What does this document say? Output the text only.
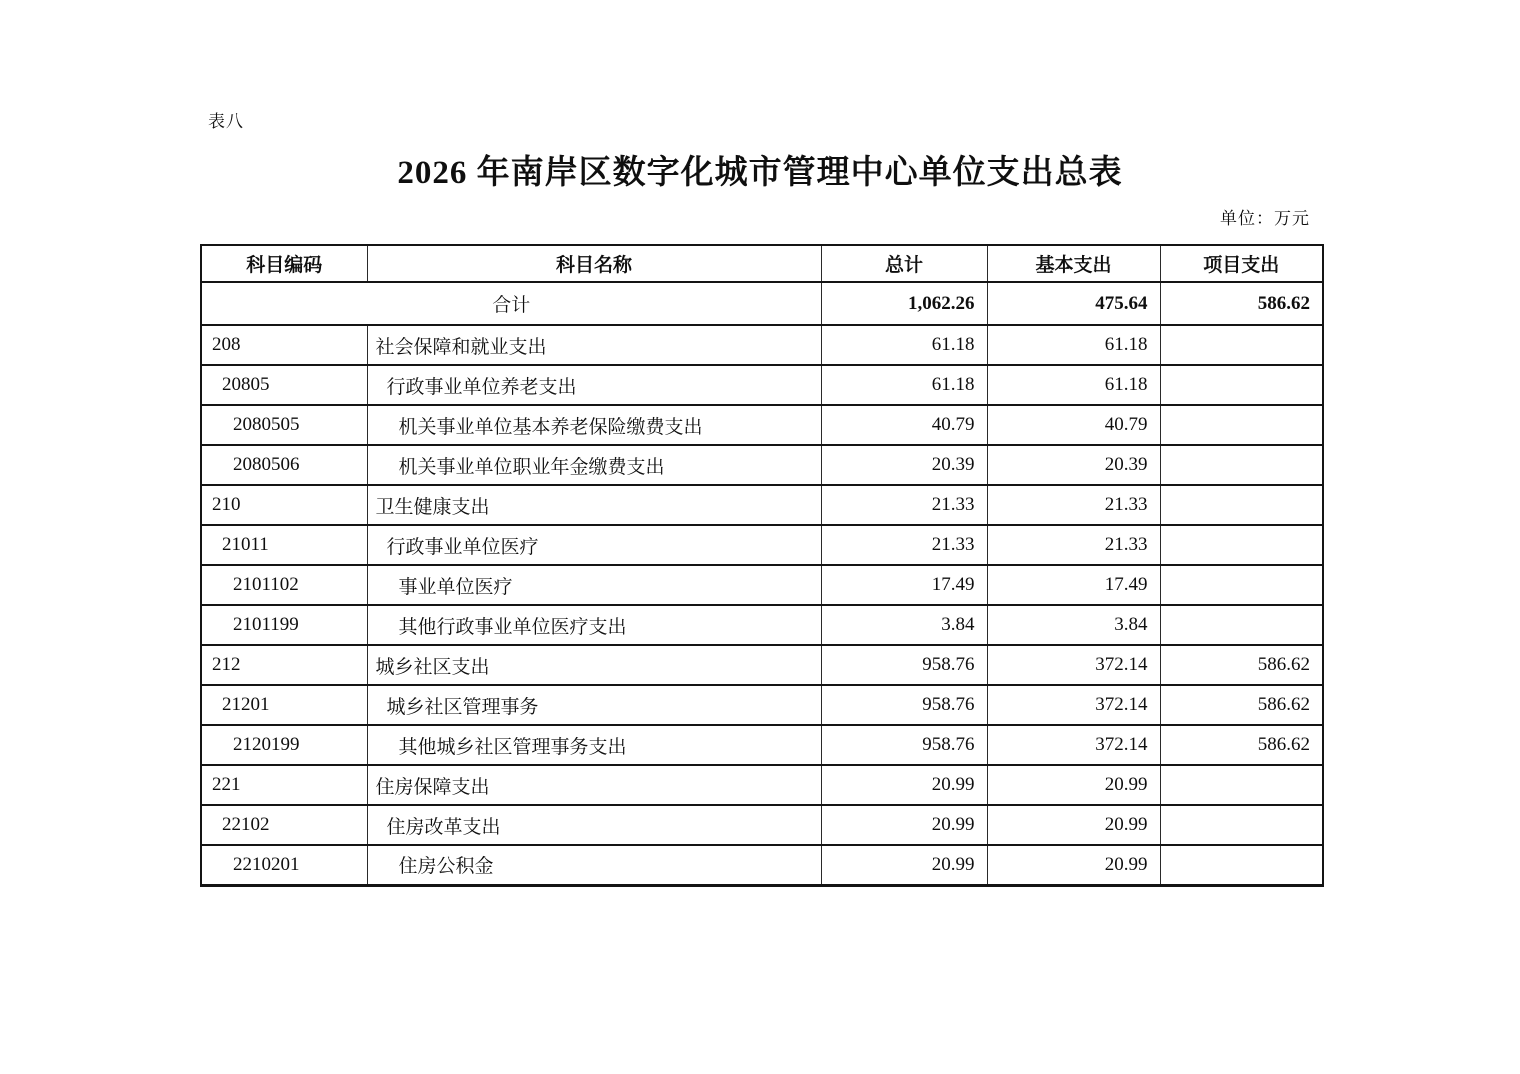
表八
2026 年南岸区数字化城市管理中心单位支出总表
单位：万元
科目编码	科目名称	总计	基本支出	项目支出
合计		1,062.26	475.64	586.62
208	社会保障和就业支出	61.18	61.18	
20805	行政事业单位养老支出	61.18	61.18	
2080505	机关事业单位基本养老保险缴费支出	40.79	40.79	
2080506	机关事业单位职业年金缴费支出	20.39	20.39	
210	卫生健康支出	21.33	21.33	
21011	行政事业单位医疗	21.33	21.33	
2101102	事业单位医疗	17.49	17.49	
2101199	其他行政事业单位医疗支出	3.84	3.84	
212	城乡社区支出	958.76	372.14	586.62
21201	城乡社区管理事务	958.76	372.14	586.62
2120199	其他城乡社区管理事务支出	958.76	372.14	586.62
221	住房保障支出	20.99	20.99	
22102	住房改革支出	20.99	20.99	
2210201	住房公积金	20.99	20.99	
